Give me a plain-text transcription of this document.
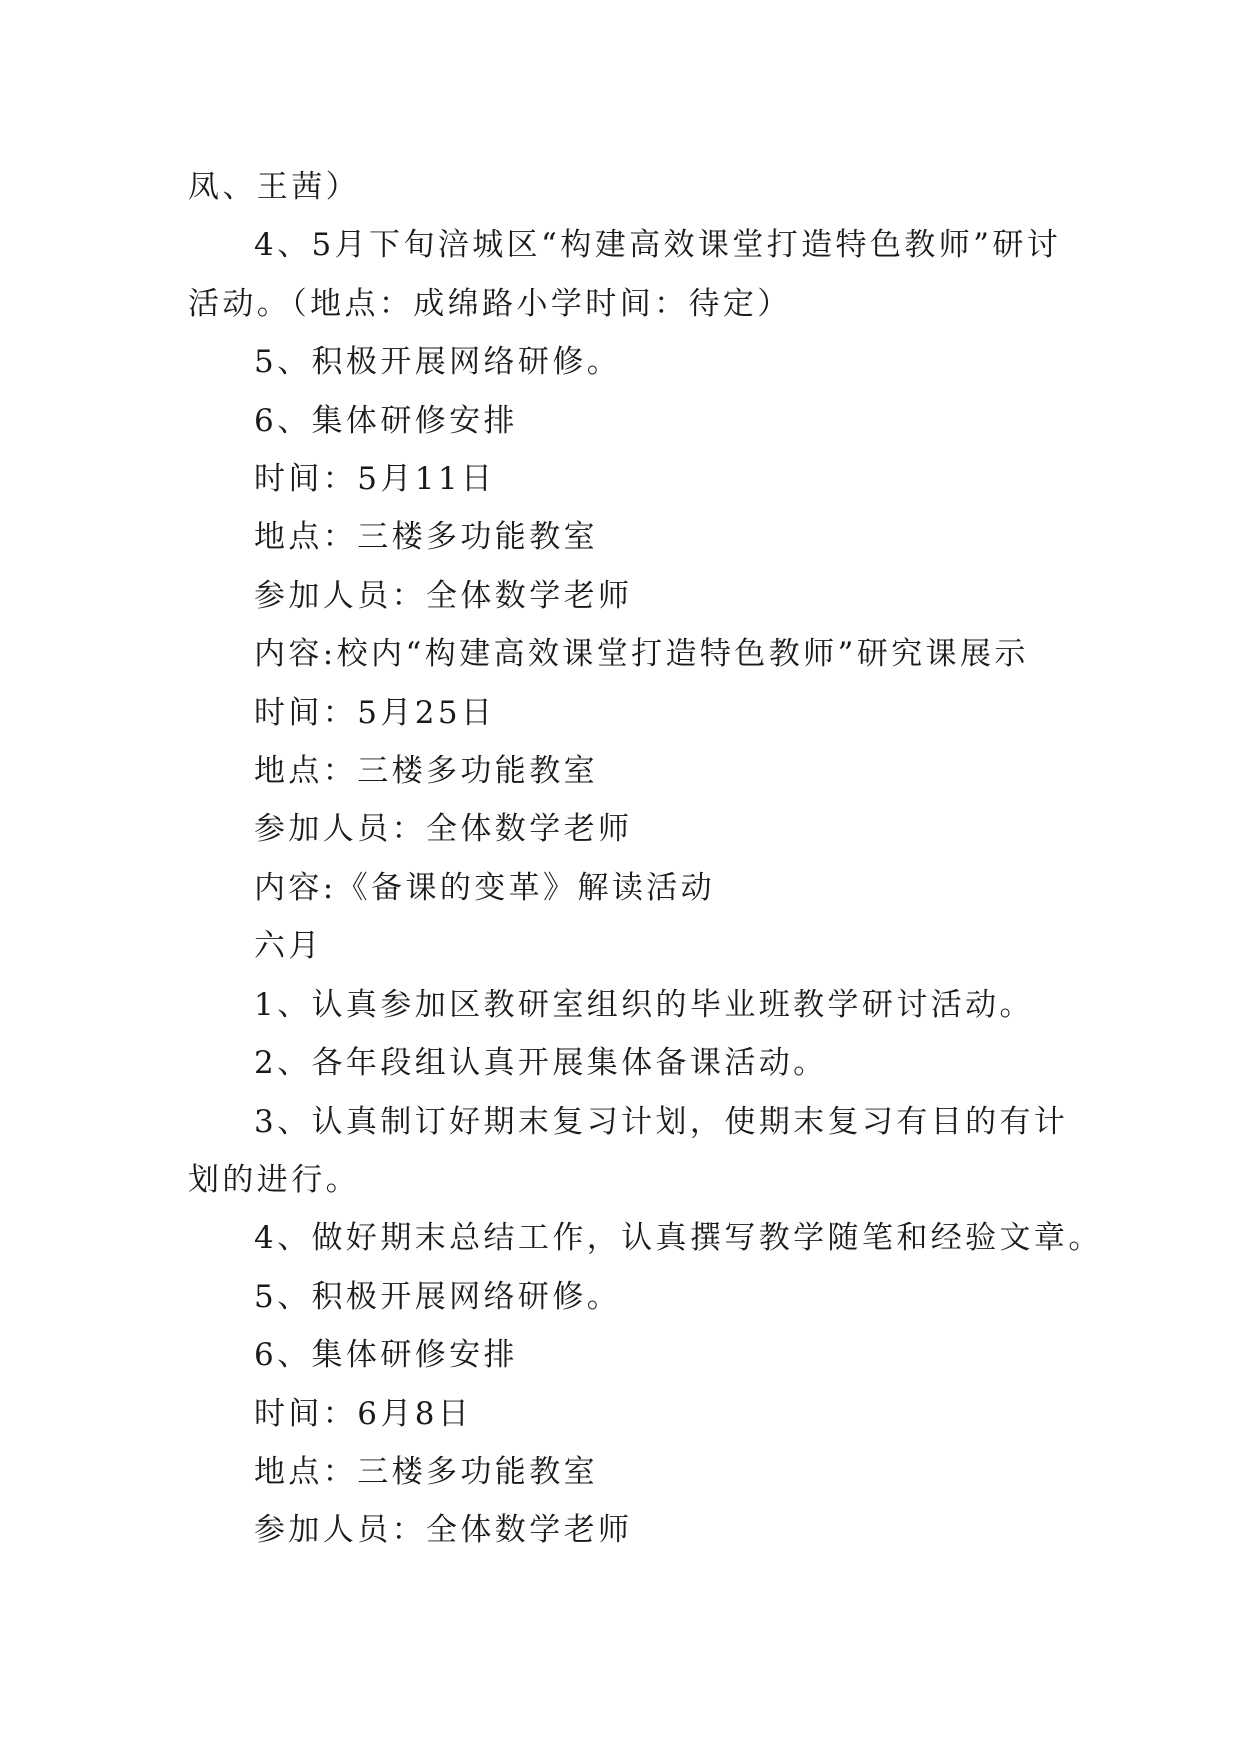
凤、王茜）

4、5月下旬涪城区“构建高效课堂打造特色教师”研讨

活动。（地点：成绵路小学时间：待定）

5、积极开展网络研修。

6、集体研修安排

时间：5月11日

地点：三楼多功能教室

参加人员：全体数学老师

内容:校内“构建高效课堂打造特色教师”研究课展示

时间：5月25日

地点：三楼多功能教室

参加人员：全体数学老师

内容:《备课的变革》解读活动

六月

1、认真参加区教研室组织的毕业班教学研讨活动。

2、各年段组认真开展集体备课活动。

3、认真制订好期末复习计划，使期末复习有目的有计

划的进行。

4、做好期末总结工作，认真撰写教学随笔和经验文章。

5、积极开展网络研修。

6、集体研修安排

时间：6月8日

地点：三楼多功能教室

参加人员：全体数学老师
